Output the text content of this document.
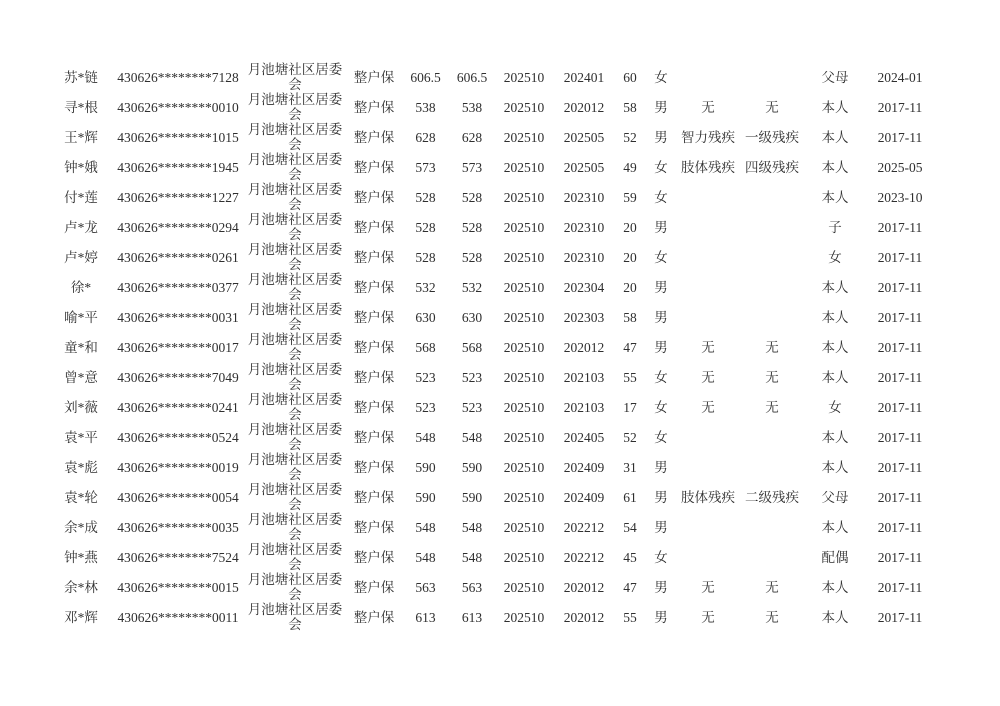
苏*链	430626********7128	月池塘社区居委会	整户保	606.5	606.5	202510	202401	60	女			父母	2024-01
寻*根	430626********0010	月池塘社区居委会	整户保	538	538	202510	202012	58	男	无	无	本人	2017-11
王*辉	430626********1015	月池塘社区居委会	整户保	628	628	202510	202505	52	男	智力残疾	一级残疾	本人	2017-11
钟*娥	430626********1945	月池塘社区居委会	整户保	573	573	202510	202505	49	女	肢体残疾	四级残疾	本人	2025-05
付*莲	430626********1227	月池塘社区居委会	整户保	528	528	202510	202310	59	女			本人	2023-10
卢*龙	430626********0294	月池塘社区居委会	整户保	528	528	202510	202310	20	男			子	2017-11
卢*婷	430626********0261	月池塘社区居委会	整户保	528	528	202510	202310	20	女			女	2017-11
徐*	430626********0377	月池塘社区居委会	整户保	532	532	202510	202304	20	男			本人	2017-11
喻*平	430626********0031	月池塘社区居委会	整户保	630	630	202510	202303	58	男			本人	2017-11
童*和	430626********0017	月池塘社区居委会	整户保	568	568	202510	202012	47	男	无	无	本人	2017-11
曾*意	430626********7049	月池塘社区居委会	整户保	523	523	202510	202103	55	女	无	无	本人	2017-11
刘*薇	430626********0241	月池塘社区居委会	整户保	523	523	202510	202103	17	女	无	无	女	2017-11
袁*平	430626********0524	月池塘社区居委会	整户保	548	548	202510	202405	52	女			本人	2017-11
袁*彪	430626********0019	月池塘社区居委会	整户保	590	590	202510	202409	31	男			本人	2017-11
袁*轮	430626********0054	月池塘社区居委会	整户保	590	590	202510	202409	61	男	肢体残疾	二级残疾	父母	2017-11
余*成	430626********0035	月池塘社区居委会	整户保	548	548	202510	202212	54	男			本人	2017-11
钟*燕	430626********7524	月池塘社区居委会	整户保	548	548	202510	202212	45	女			配偶	2017-11
余*林	430626********0015	月池塘社区居委会	整户保	563	563	202510	202012	47	男	无	无	本人	2017-11
邓*辉	430626********0011	月池塘社区居委会	整户保	613	613	202510	202012	55	男	无	无	本人	2017-11
